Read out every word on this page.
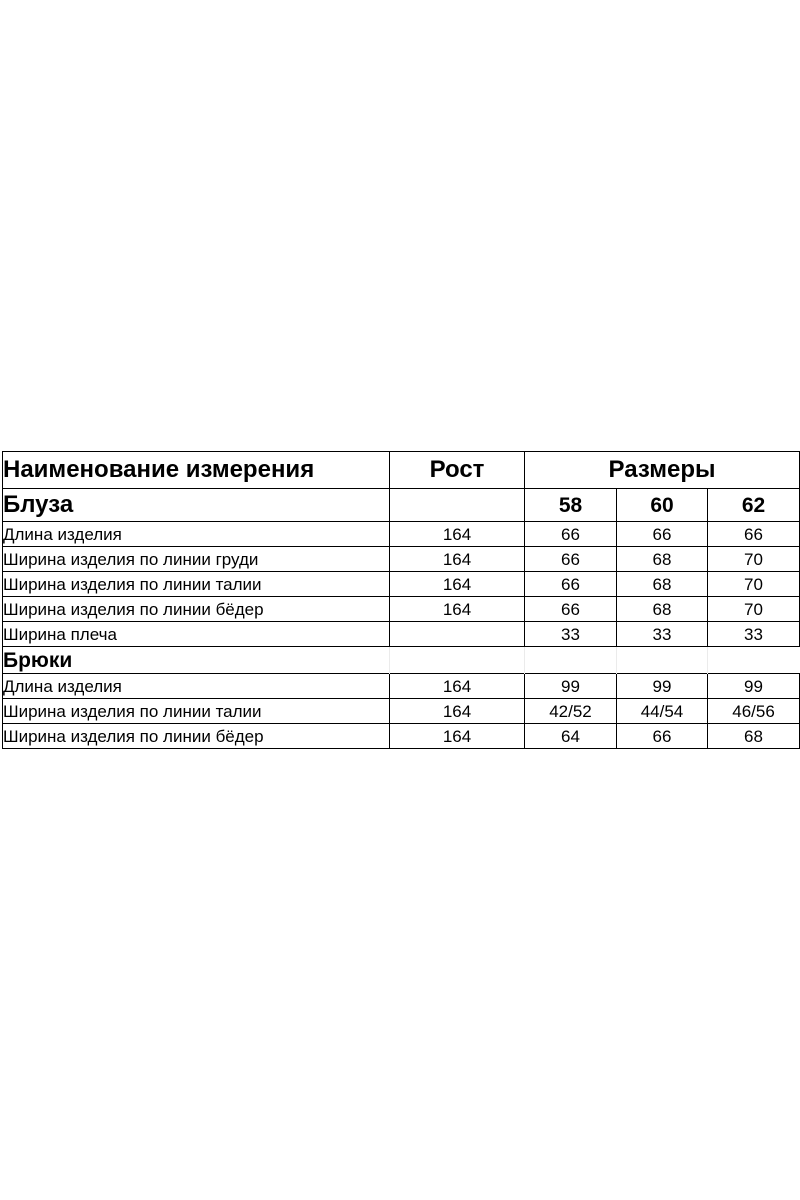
Наименование измерения	Рост	Размеры		
Блуза		58	60	62
Длина изделия	164	66	66	66
Ширина изделия по линии груди	164	66	68	70
Ширина изделия по линии талии	164	66	68	70
Ширина изделия по линии бёдер	164	66	68	70
Ширина плеча		33	33	33
Брюки				
Длина изделия	164	99	99	99
Ширина изделия по линии талии	164	42/52	44/54	46/56
Ширина изделия по линии бёдер	164	64	66	68
